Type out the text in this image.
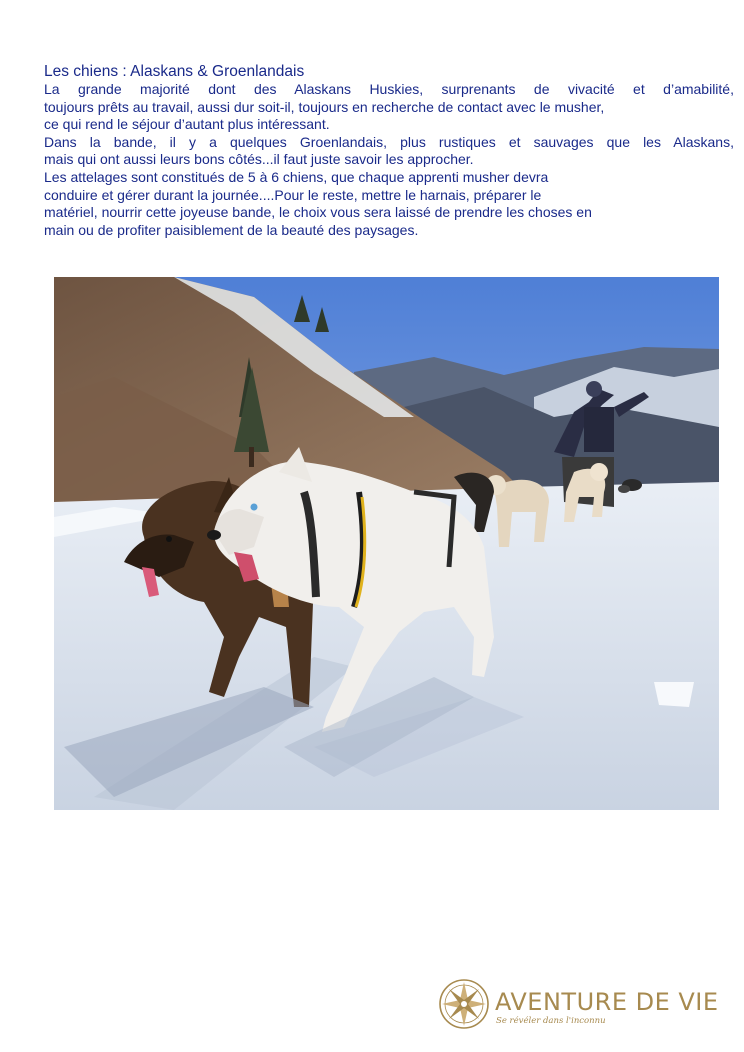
Les chiens : Alaskans & Groenlandais

La grande majorité dont des Alaskans Huskies, surprenants de vivacité et d’amabilité,
toujours prêts au travail, aussi dur soit-il, toujours en recherche de contact avec le musher,
ce qui rend le séjour d’autant plus intéressant.
Dans la bande, il y a quelques Groenlandais, plus rustiques et sauvages que les Alaskans,
mais qui ont aussi leurs bons côtés...il faut juste savoir les approcher.
Les attelages sont constitués de 5 à 6 chiens, que chaque apprenti musher devra
conduire et gérer durant la journée....Pour le reste, mettre le harnais, préparer le
matériel, nourrir cette joyeuse bande, le choix vous sera laissé de prendre les choses en
main ou de profiter paisiblement de la beauté des paysages.

AVENTURE DE VIE
Se révéler dans l'inconnu
